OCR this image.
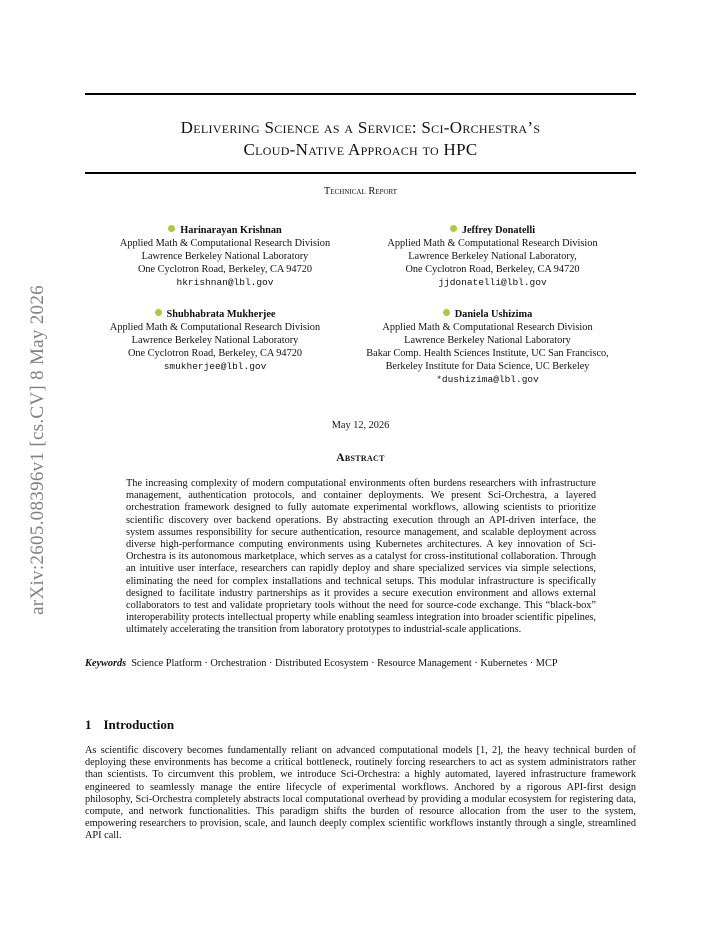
arXiv:2605.08396v1 [cs.CV] 8 May 2026
Delivering Science as a Service: Sci-Orchestra’s
Cloud-Native Approach to HPC
Technical Report
Harinarayan Krishnan
Applied Math & Computational Research Division
Lawrence Berkeley National Laboratory
One Cyclotron Road, Berkeley, CA 94720
hkrishnan@lbl.gov
Jeffrey Donatelli
Applied Math & Computational Research Division
Lawrence Berkeley National Laboratory,
One Cyclotron Road, Berkeley, CA 94720
jjdonatelli@lbl.gov
Shubhabrata Mukherjee
Applied Math & Computational Research Division
Lawrence Berkeley National Laboratory
One Cyclotron Road, Berkeley, CA 94720
smukherjee@lbl.gov
Daniela Ushizima
Applied Math & Computational Research Division
Lawrence Berkeley National Laboratory
Bakar Comp. Health Sciences Institute, UC San Francisco,
Berkeley Institute for Data Science, UC Berkeley
*dushizima@lbl.gov
May 12, 2026
Abstract
The increasing complexity of modern computational environments often burdens researchers with infrastructure management, authentication protocols, and container deployments. We present Sci-Orchestra, a layered orchestration framework designed to fully automate experimental workflows, allowing scientists to prioritize scientific discovery over backend operations. By abstracting execution through an API-driven interface, the system assumes responsibility for secure authentication, resource management, and scalable deployment across diverse high-performance computing environments using Kubernetes architectures. A key innovation of Sci-Orchestra is its autonomous marketplace, which serves as a catalyst for cross-institutional collaboration. Through an intuitive user interface, researchers can rapidly deploy and share specialized services via simple selections, eliminating the need for complex installations and technical setups. This modular infrastructure is specifically designed to facilitate industry partnerships as it provides a secure execution environment and allows external collaborators to test and validate proprietary tools without the need for source-code exchange. This “black-box” interoperability protects intellectual property while enabling seamless integration into broader scientific pipelines, ultimately accelerating the transition from laboratory prototypes to industrial-scale applications.
Keywords Science Platform · Orchestration · Distributed Ecosystem · Resource Management · Kubernetes · MCP
1 Introduction
As scientific discovery becomes fundamentally reliant on advanced computational models [1, 2], the heavy technical burden of deploying these environments has become a critical bottleneck, routinely forcing researchers to act as system administrators rather than scientists. To circumvent this problem, we introduce Sci-Orchestra: a highly automated, layered infrastructure framework engineered to seamlessly manage the entire lifecycle of experimental workflows. Anchored by a rigorous API-first design philosophy, Sci-Orchestra completely abstracts local computational overhead by providing a modular ecosystem for registering data, compute, and network functionalities. This paradigm shifts the burden of resource allocation from the user to the system, empowering researchers to provision, scale, and launch deeply complex scientific workflows instantly through a single, streamlined API call.
